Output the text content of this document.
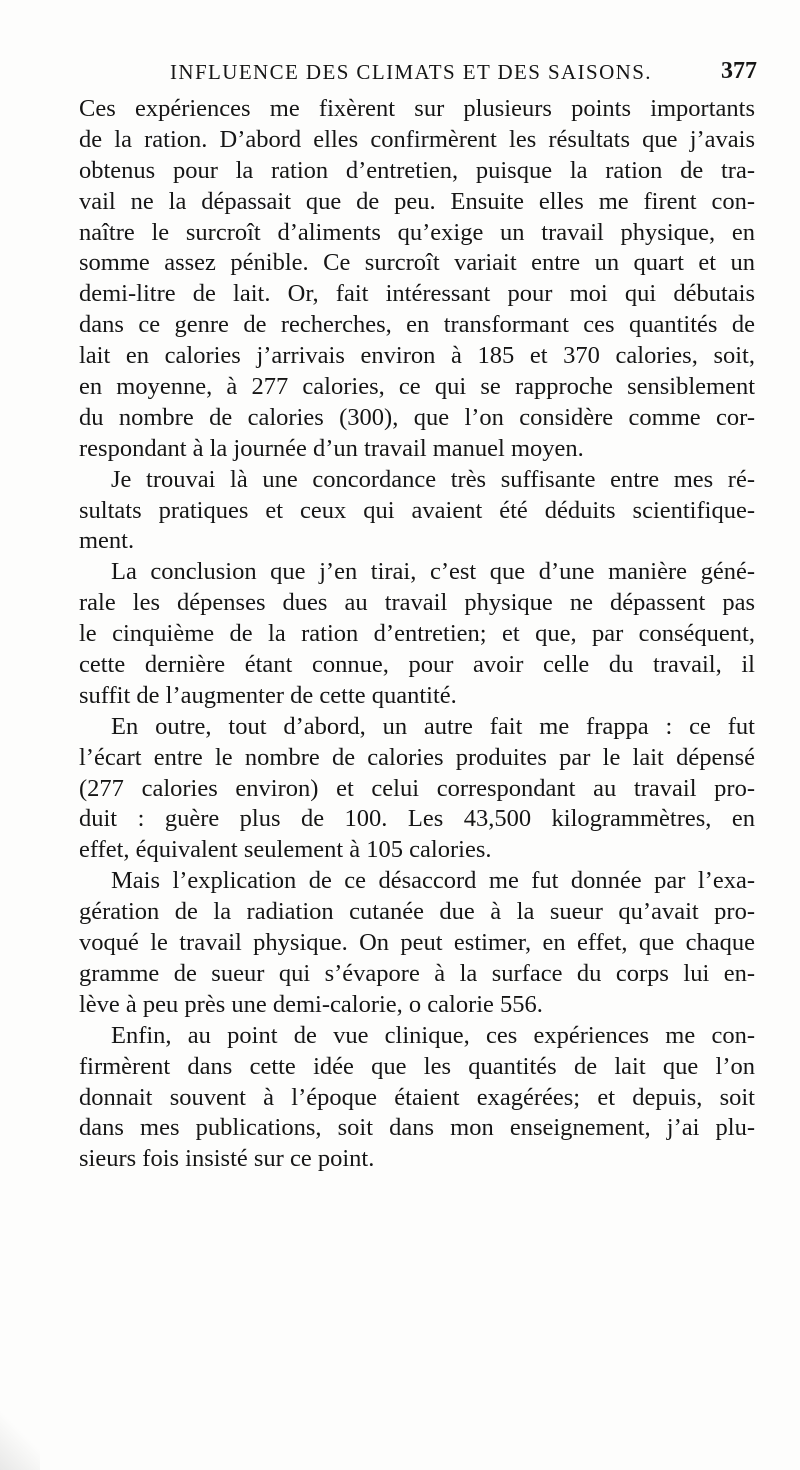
INFLUENCE DES CLIMATS ET DES SAISONS.	377
Ces expériences me fixèrent sur plusieurs points importants
de la ration. D’abord elles confirmèrent les résultats que j’avais
obtenus pour la ration d’entretien, puisque la ration de tra-
vail ne la dépassait que de peu. Ensuite elles me firent con-
naître le surcroît d’aliments qu’exige un travail physique, en
somme assez pénible. Ce surcroît variait entre un quart et un
demi-litre de lait. Or, fait intéressant pour moi qui débutais
dans ce genre de recherches, en transformant ces quantités de
lait en calories j’arrivais environ à 185 et 370 calories, soit,
en moyenne, à 277 calories, ce qui se rapproche sensiblement
du nombre de calories (300), que l’on considère comme cor-
respondant à la journée d’un travail manuel moyen.
Je trouvai là une concordance très suffisante entre mes ré-
sultats pratiques et ceux qui avaient été déduits scientifique-
ment.
La conclusion que j’en tirai, c’est que d’une manière géné-
rale les dépenses dues au travail physique ne dépassent pas
le cinquième de la ration d’entretien; et que, par conséquent,
cette dernière étant connue, pour avoir celle du travail, il
suffit de l’augmenter de cette quantité.
En outre, tout d’abord, un autre fait me frappa : ce fut
l’écart entre le nombre de calories produites par le lait dépensé
(277 calories environ) et celui correspondant au travail pro-
duit : guère plus de 100. Les 43,500 kilogrammètres, en
effet, équivalent seulement à 105 calories.
Mais l’explication de ce désaccord me fut donnée par l’exa-
gération de la radiation cutanée due à la sueur qu’avait pro-
voqué le travail physique. On peut estimer, en effet, que chaque
gramme de sueur qui s’évapore à la surface du corps lui en-
lève à peu près une demi-calorie, o calorie 556.
Enfin, au point de vue clinique, ces expériences me con-
firmèrent dans cette idée que les quantités de lait que l’on
donnait souvent à l’époque étaient exagérées; et depuis, soit
dans mes publications, soit dans mon enseignement, j’ai plu-
sieurs fois insisté sur ce point.
